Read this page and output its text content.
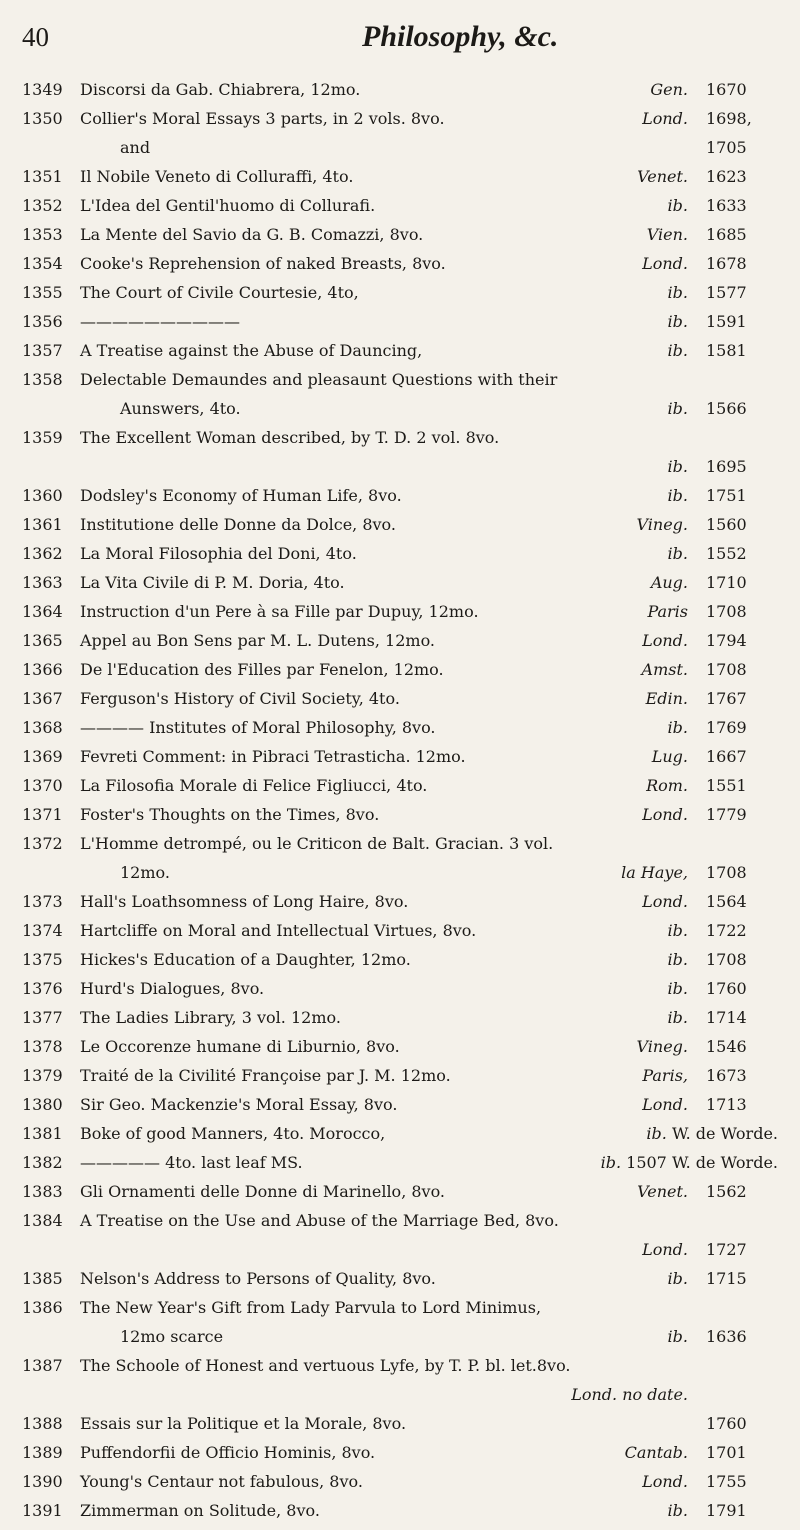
40	Philosophy, &c.
1349	Discorsi da Gab. Chiabrera, 12mo.	Gen. 1670
1350	Collier's Moral Essays 3 parts, in 2 vols. 8vo.	Lond. 1698,
and	1705
1351	Il Nobile Veneto di Colluraffi, 4to.	Venet. 1623
1352	L'Idea del Gentil'huomo di Collurafi.	ib. 1633
1353	La Mente del Savio da G. B. Comazzi, 8vo.	Vien. 1685
1354	Cooke's Reprehension of naked Breasts, 8vo.	Lond. 1678
1355	The Court of Civile Courtesie, 4to,	ib. 1577
1356	——————————	ib. 1591
1357	A Treatise against the Abuse of Dauncing,	ib. 1581
1358	Delectable Demaundes and pleasaunt Questions with their
Aunswers, 4to.	ib. 1566
1359	The Excellent Woman described, by T. D. 2 vol. 8vo.
ib. 1695
1360	Dodsley's Economy of Human Life, 8vo.	ib. 1751
1361	Institutione delle Donne da Dolce, 8vo.	Vineg. 1560
1362	La Moral Filosophia del Doni, 4to.	ib. 1552
1363	La Vita Civile di P. M. Doria, 4to.	Aug. 1710
1364	Instruction d'un Pere à sa Fille par Dupuy, 12mo.	Paris 1708
1365	Appel au Bon Sens par M. L. Dutens, 12mo.	Lond. 1794
1366	De l'Education des Filles par Fenelon, 12mo.	Amst. 1708
1367	Ferguson's History of Civil Society, 4to.	Edin. 1767
1368	———— Institutes of Moral Philosophy, 8vo.	ib. 1769
1369	Fevreti Comment: in Pibraci Tetrasticha. 12mo.	Lug. 1667
1370	La Filosofia Morale di Felice Figliucci, 4to.	Rom. 1551
1371	Foster's Thoughts on the Times, 8vo.	Lond. 1779
1372	L'Homme detrompé, ou le Criticon de Balt. Gracian. 3 vol.
12mo.	la Haye, 1708
1373	Hall's Loathsomness of Long Haire, 8vo.	Lond. 1564
1374	Hartcliffe on Moral and Intellectual Virtues, 8vo.	ib. 1722
1375	Hickes's Education of a Daughter, 12mo.	ib. 1708
1376	Hurd's Dialogues, 8vo.	ib. 1760
1377	The Ladies Library, 3 vol. 12mo.	ib. 1714
1378	Le Occorenze humane di Liburnio, 8vo.	Vineg. 1546
1379	Traité de la Civilité Françoise par J. M. 12mo.	Paris, 1673
1380	Sir Geo. Mackenzie's Moral Essay, 8vo.	Lond. 1713
1381	Boke of good Manners, 4to. Morocco,	ib. W. de Worde.
1382	————— 4to. last leaf MS.	ib. 1507 W. de Worde.
1383	Gli Ornamenti delle Donne di Marinello, 8vo.	Venet. 1562
1384	A Treatise on the Use and Abuse of the Marriage Bed, 8vo.
Lond. 1727
1385	Nelson's Address to Persons of Quality, 8vo.	ib. 1715
1386	The New Year's Gift from Lady Parvula to Lord Minimus,
12mo scarce	ib. 1636
1387	The Schoole of Honest and vertuous Lyfe, by T. P. bl. let.8vo.
Lond. no date.
1388	Essais sur la Politique et la Morale, 8vo.	1760
1389	Puffendorfii de Officio Hominis, 8vo.	Cantab. 1701
1390	Young's Centaur not fabulous, 8vo.	Lond. 1755
1391	Zimmerman on Solitude, 8vo.	ib. 1791
